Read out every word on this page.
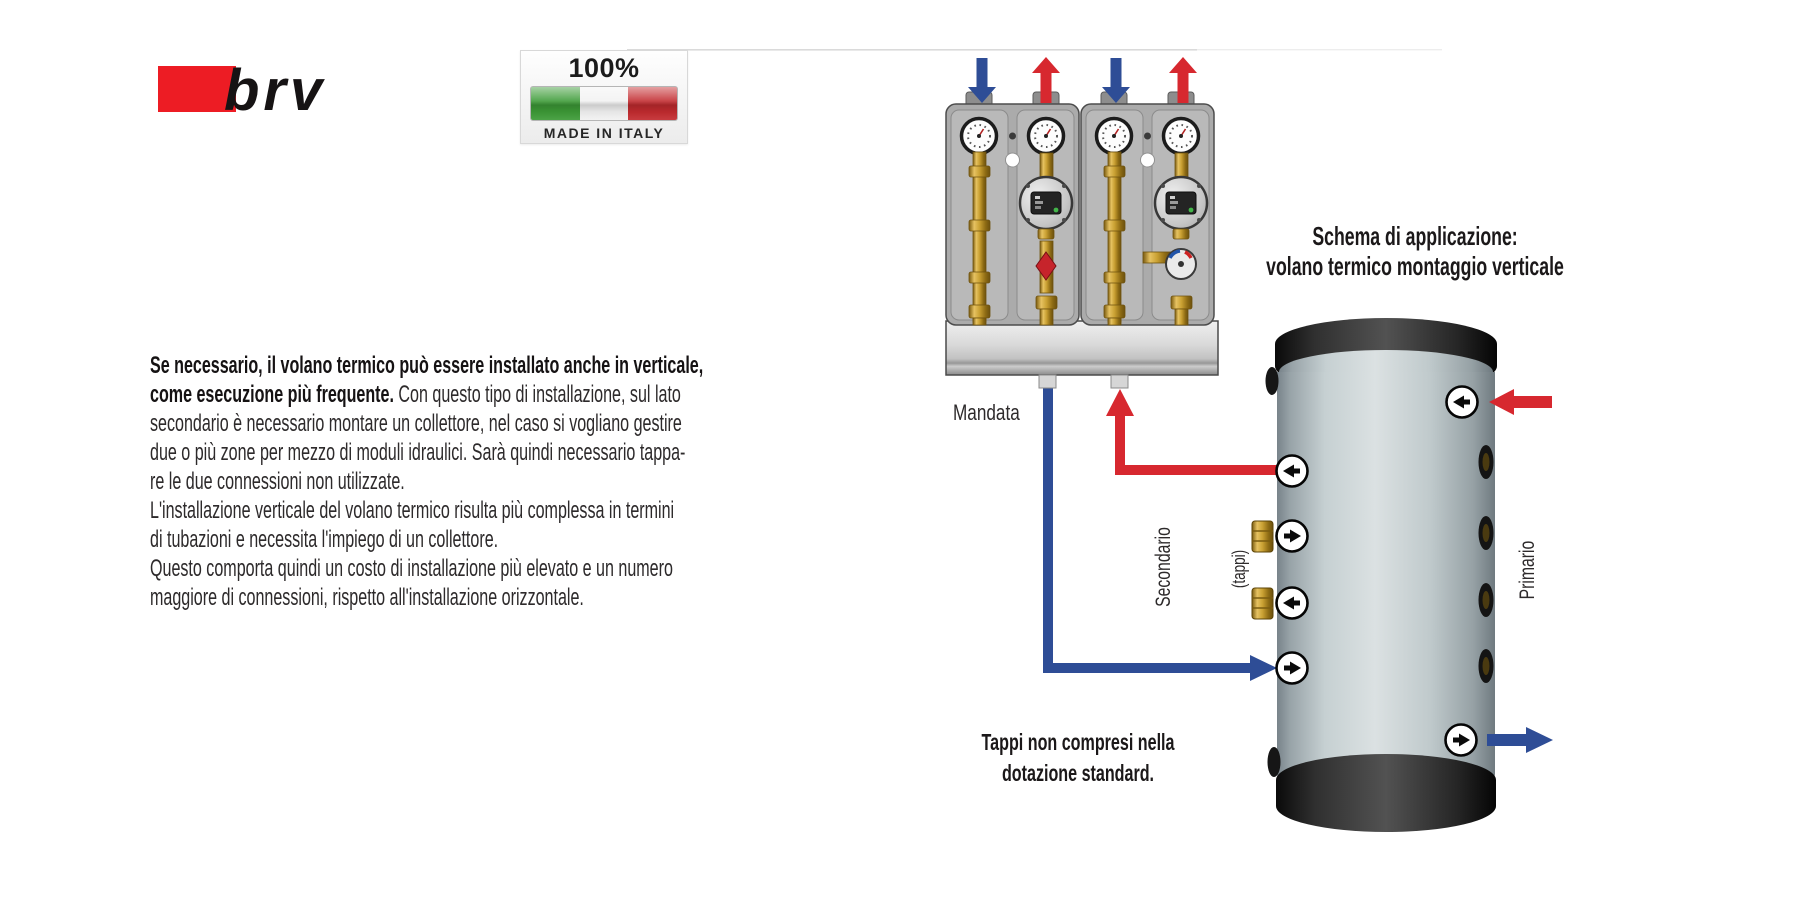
brv	100%
MADE IN ITALY
Se necessario, il volano termico può essere installato anche in verticale,
come esecuzione più frequente. Con questo tipo di installazione, sul lato
secondario è necessario montare un collettore, nel caso si vogliano gestire
due o più zone per mezzo di moduli idraulici. Sarà quindi necessario tappa-
re le due connessioni non utilizzate.
L'installazione verticale del volano termico risulta più complessa in termini
di tubazioni e necessita l'impiego di un collettore.
Questo comporta quindi un costo di installazione più elevato e un numero
maggiore di connessioni, rispetto all'installazione orizzontale.
Schema di applicazione:
volano termico montaggio verticale
Mandata
Secondario	(tappi)	Primario
Tappi non compresi nella
dotazione standard.
